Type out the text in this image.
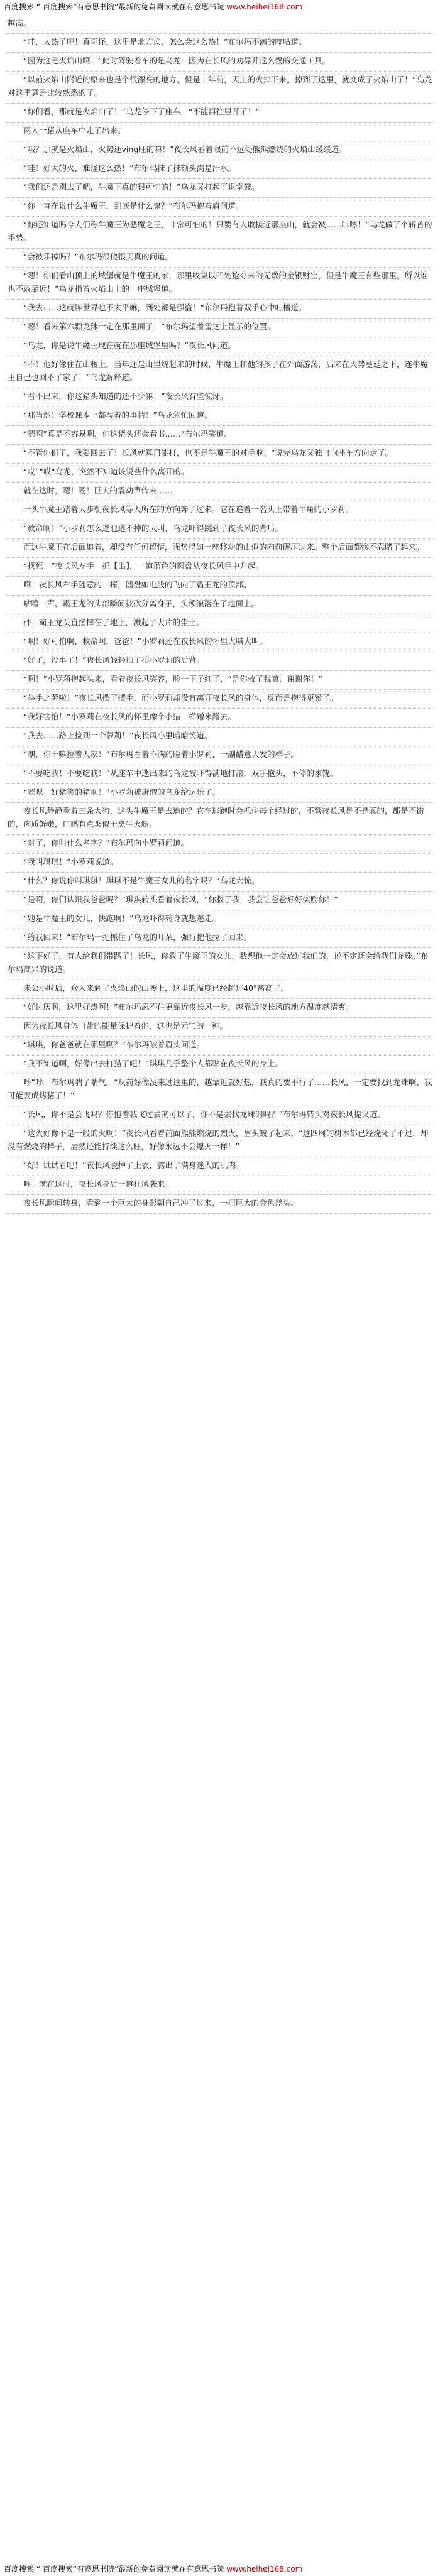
百度搜索 “ 百度搜索“有意思书院”最新的免费阅读就在有意思书院 www.heihei168.com

越高。

“哇，太热了吧！真奇怪，这里是北方诶，怎么会这么热！”布尔玛不满的嘀咕道。

“因为这是火焰山啊！”此时驾驶着车的是乌龙，因为在长风的劝导开这么慢的交通工具。

“以前火焰山附近的原来也是个很漂亮的地方，但是十年前，天上的火掉下来，掉到了这里，就变成了火焰山了！”乌龙对这里算是比较熟悉的了。

“你们看，那就是火焰山了！”乌龙停下了座车，“不能再往里开了！”

两人一猪从座车中走了出来。

“哦？那就是火焰山，火势还ving旺的嘛！”夜长风看着眼前不远处熊熊燃烧的火焰山缓缓道。

“哇！好大的火，难怪这么热！”布尔玛抹了抹额头满是汗水。

“我们还是别去了吧，牛魔王真的很可怕的！”乌龙又打起了退堂鼓。

“你一直在说什么牛魔王，到底是什么鬼？”布尔玛抱着肩问道。

“你还知道吗今人们称牛魔王为恶魔之王，非常可怕的！只要有人敢接近那座山，就会被……咔嚓！”乌龙做了个斩首的手势。

“会被乐掉吗？”布尔玛很傻很天真的问道。

“嗯！你们看山顶上的城堡就是牛魔王的家，那里收集以四处抢夺来的无数的金银财宝，但是牛魔王有些那里，所以谁也不敢靠近！”乌龙指着火焰山上的一座城堡道。

“我去……这就阵世界也不太平嘛，到处都是强盗！”布尔玛抱着双手心中吐槽道。

“嗯！看来第六颗龙珠一定在那里面了！”布尔玛望着雷达上显示的位置。

“乌龙，你是说牛魔王现在就在那座城堡里吗？”夜长风问道。

“不！他好像住在山腰上，当年还是山里烧起来的时候，牛魔王和他的孩子在外面游荡，后来在火势蔓延之下，连牛魔王自己也回不了家了！”乌龙解释道。

“看不出来，你这猪头知道的还不少嘛！”夜长风有些惊讶。

“那当然！学校课本上都写着的事情！”乌龙急忙回道。

“嗯啊”真是不容易啊，你这猪头还会看书……”布尔玛笑道。

“不管你们了，我要回去了！长风就算再能打，也不是牛魔王的对手啦！”说完乌龙又独自向座车方向走了。

“哎”“哎”乌龙，突然不知道该说些什么离开的。

就在这时，嗯！嗯！巨大的震动声传来……

一头牛魔王踏着大步朝夜长风等人所在的方向奔了过来。它在追着一名头上带着牛角的小罗莉。

“救命啊！”小罗莉怎么逃也逃不掉的大叫，乌龙吓得跳到了夜长风的背后。

而这牛魔王在后面追着，却没有任何留情，强势得如一座移动的山似的向前碾压过来。整个后面都惨不忍睹了起来。

“找死！”夜长风左手一抓【出】，一道蓝色的圆盘从夜长风手中升起。

啊！夜长风右手随意的一挥，圆盘如电般的飞向了霸王龙的顶部。

咕噜一声，霸王龙的头部瞬间被砍分离身子，头颅滚落在了地面上。

砰！霸王龙头直接摔在了地上，溅起了大片的尘土。

“啊！好可怕啊，救命啊，爸爸！”小罗莉还在夜长风的怀里大喊大叫。

“好了，没事了！”夜长风轻轻拍了拍小罗莉的后背。

“啊！”小罗莉抱起头来，看着夜长风笑容，脸一下子红了，“是你救了我嘛，谢谢你！”

“举手之劳啦！”夜长风摆了摆手，而小罗莉却没有离开夜长风的身体，反而是抱得更紧了。

“我好害怕！”小罗莉在夜长风的怀里像个小猫一样蹭来蹭去。

“我去……路上捡到一个萝莉！”夜长风心里暗暗笑道。

“嘿，你干嘛拉着人家！”布尔玛看着不满的瞪着小罗莉，一副醋意大发的样子。

“不要吃我！不要吃我！”从座车中逃出来的乌龙被吓得满地打滚，双手抱头，不停的求饶。

“嗯嗯！好猪笑的猪啊！”小罗莉被唐僧的乌龙给逗乐了。

夜长风静静看着三条大狗，这头牛魔王是去追的？它在逃跑时会抓住每个经过的，不管夜长风是不是真的，都是不错的，肉质鲜嫩，口感有点类似于烹牛火腿。

“对了，你叫什么名字？”布尔玛向小罗莉问道。

“我叫琪琪！”小罗莉说道。

“什么？你说你叫琪琪！琪琪不是牛魔王女儿的名字吗？”乌龙大惊。

“是啊，你们认识我爸爸吗？”琪琪转头看着夜长风，“你救了我，我会让爸爸好好奖励你！”

“她是牛魔王的女儿，快跑啊！”乌龙吓得转身就想逃走。

“给我回来！”布尔玛一把抓住了乌龙的耳朵，强行把他拉了回来。

“这下好了，有人给我们带路了！长风，你救了牛魔王的女儿，我想他一定会放过我们的，说不定还会给我们龙珠。”布尔玛高兴的说道。

未公小时后，众人来到了火焰山的山腰上，这里的温度已经超过40°离高了。

“好讨厌啊，这里好热啊！”布尔玛忍不住更靠近夜长风一步，越靠近夜长风的地方温度越清爽。

因为夜长风身体自带的能量保护着他，这也是元气的一种。

“琪琪，你爸爸就在哪里啊？”布尔玛皱着眉头问道。

“我不知道啊，好像出去打猎了吧！”琪琪几乎整个人都贴在夜长风的身上。

呼”呼！布尔玛喘了喘气，“从前好像没来过这里的，越靠近就好热，我真的要不行了……长风，一定要找到龙珠啊，我可能要成烤猪了！”

“长风，你不是会飞吗？你抱着我飞过去就可以了，你不是去找龙珠的吗？”布尔玛转头对夜长风提议道。

“这火好像不是一般的火啊！”夜长风看着前面熊熊燃烧的烈火，眉头皱了起来，“这四周的树木都已经烧死了不过，却没有燃烧的样子，居然还能持续这么旺，好像永远不会熄灭一样！”

“好！试试看吧！”夜长风脱掉了上衣，露出了满身迷人的肌肉。

呼！就在这时，夜长风身后一道狂风袭来。

夜长风瞬间转身，看到一个巨大的身影朝自己冲了过来，一把巨大的金色斧头。

百度搜索 “ 百度搜索“有意思书院”最新的免费阅读就在有意思书院 www.heihei168.com
